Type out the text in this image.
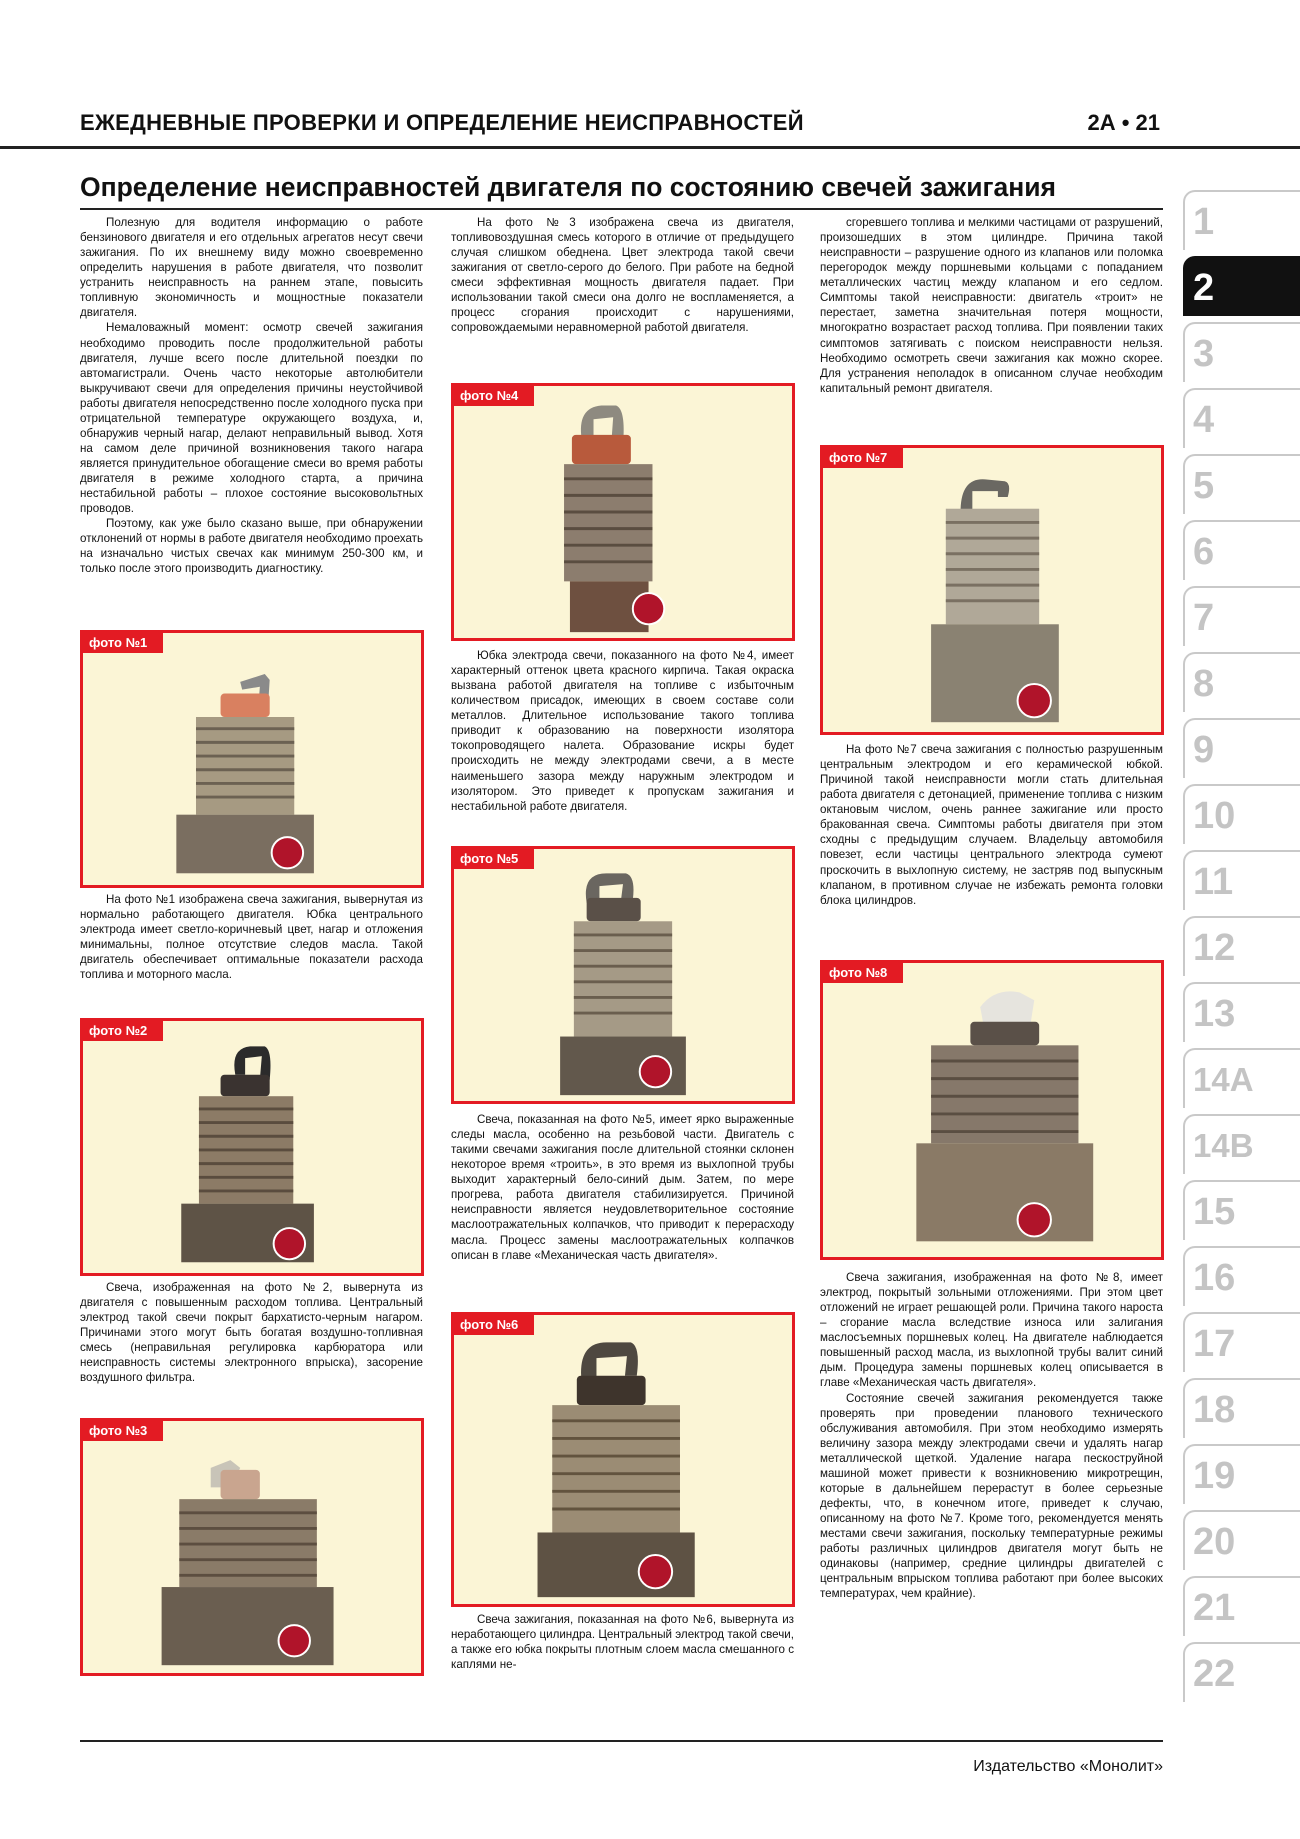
ЕЖЕДНЕВНЫЕ ПРОВЕРКИ И ОПРЕДЕЛЕНИЕ НЕИСПРАВНОСТЕЙ	2А • 21
Определение неисправностей двигателя по состоянию свечей зажигания

Полезную для водителя информацию о работе бензинового двигателя и его отдельных агрегатов несут свечи зажигания. По их внешнему виду можно своевременно определить нарушения в работе двигателя, что позволит устранить неисправность на раннем этапе, повысить топливную экономичность и мощностные показатели двигателя.

Немаловажный момент: осмотр свечей зажигания необходимо проводить после продолжительной работы двигателя, лучше всего после длительной поездки по автомагистрали. Очень часто некоторые автолюбители выкручивают свечи для определения причины неустойчивой работы двигателя непосредственно после холодного пуска при отрицательной температуре окружающего воздуха, и, обнаружив черный нагар, делают неправильный вывод. Хотя на самом деле причиной возникновения такого нагара является принудительное обогащение смеси во время работы двигателя в режиме холодного старта, а причина нестабильной работы – плохое состояние высоковольтных проводов.

Поэтому, как уже было сказано выше, при обнаружении отклонений от нормы в работе двигателя необходимо проехать на изначально чистых свечах как минимум 250-300 км, и только после этого производить диагностику.

На фото №1 изображена свеча зажигания, вывернутая из нормально работающего двигателя. Юбка центрального электрода имеет светло-коричневый цвет, нагар и отложения минимальны, полное отсутствие следов масла. Такой двигатель обеспечивает оптимальные показатели расхода топлива и моторного масла.

Свеча, изображенная на фото №2, вывернута из двигателя с повышенным расходом топлива. Центральный электрод такой свечи покрыт бархатисто-черным нагаром. Причинами этого могут быть богатая воздушно-топливная смесь (неправильная регулировка карбюратора или неисправность системы электронного впрыска), засорение воздушного фильтра.

На фото №3 изображена свеча из двигателя, топливовоздушная смесь которого в отличие от предыдущего случая слишком обеднена. Цвет электрода такой свечи зажигания от светло-серого до белого. При работе на бедной смеси эффективная мощность двигателя падает. При использовании такой смеси она долго не воспламеняется, а процесс сгорания происходит с нарушениями, сопровождаемыми неравномерной работой двигателя.

Юбка электрода свечи, показанного на фото №4, имеет характерный оттенок цвета красного кирпича. Такая окраска вызвана работой двигателя на топливе с избыточным количеством присадок, имеющих в своем составе соли металлов. Длительное использование такого топлива приводит к образованию на поверхности изолятора токопроводящего налета. Образование искры будет происходить не между электродами свечи, а в месте наименьшего зазора между наружным электродом и изолятором. Это приведет к пропускам зажигания и нестабильной работе двигателя.

Свеча, показанная на фото №5, имеет ярко выраженные следы масла, особенно на резьбовой части. Двигатель с такими свечами зажигания после длительной стоянки склонен некоторое время «троить», в это время из выхлопной трубы выходит характерный бело-синий дым. Затем, по мере прогрева, работа двигателя стабилизируется. Причиной неисправности является неудовлетворительное состояние маслоотражательных колпачков, что приводит к перерасходу масла. Процесс замены маслоотражательных колпачков описан в главе «Механическая часть двигателя».

Свеча зажигания, показанная на фото №6, вывернута из неработающего цилиндра. Центральный электрод такой свечи, а также его юбка покрыты плотным слоем масла смешанного с каплями не-

сгоревшего топлива и мелкими частицами от разрушений, произошедших в этом цилиндре. Причина такой неисправности – разрушение одного из клапанов или поломка перегородок между поршневыми кольцами с попаданием металлических частиц между клапаном и его седлом. Симптомы такой неисправности: двигатель «троит» не перестает, заметна значительная потеря мощности, многократно возрастает расход топлива. При появлении таких симптомов затягивать с поиском неисправности нельзя. Необходимо осмотреть свечи зажигания как можно скорее. Для устранения неполадок в описанном случае необходим капитальный ремонт двигателя.

На фото №7 свеча зажигания с полностью разрушенным центральным электродом и его керамической юбкой. Причиной такой неисправности могли стать длительная работа двигателя с детонацией, применение топлива с низким октановым числом, очень раннее зажигание или просто бракованная свеча. Симптомы работы двигателя при этом сходны с предыдущим случаем. Владельцу автомобиля повезет, если частицы центрального электрода сумеют проскочить в выхлопную систему, не застряв под выпускным клапаном, в противном случае не избежать ремонта головки блока цилиндров.

Свеча зажигания, изображенная на фото №8, имеет электрод, покрытый зольными отложениями. При этом цвет отложений не играет решающей роли. Причина такого нароста – сгорание масла вследствие износа или залигания маслосъемных поршневых колец. На двигателе наблюдается повышенный расход масла, из выхлопной трубы валит синий дым. Процедура замены поршневых колец описывается в главе «Механическая часть двигателя».

Состояние свечей зажигания рекомендуется также проверять при проведении планового технического обслуживания автомобиля. При этом необходимо измерять величину зазора между электродами свечи и удалять нагар металлической щеткой. Удаление нагара пескоструйной машиной может привести к возникновению микротрещин, которые в дальнейшем перерастут в более серьезные дефекты, что, в конечном итоге, приведет к случаю, описанному на фото №7. Кроме того, рекомендуется менять местами свечи зажигания, поскольку температурные режимы работы различных цилиндров двигателя могут быть не одинаковы (например, средние цилиндры двигателей с центральным впрыском топлива работают при более высоких температурах, чем крайние).

фото №1
фото №2
фото №3
фото №4
фото №5
фото №6
фото №7
фото №8
1
2
3
4
5
6
7
8
9
10
11
12
13
14A
14B
15
16
17
18
19
20
21
22
Издательство «Монолит»
